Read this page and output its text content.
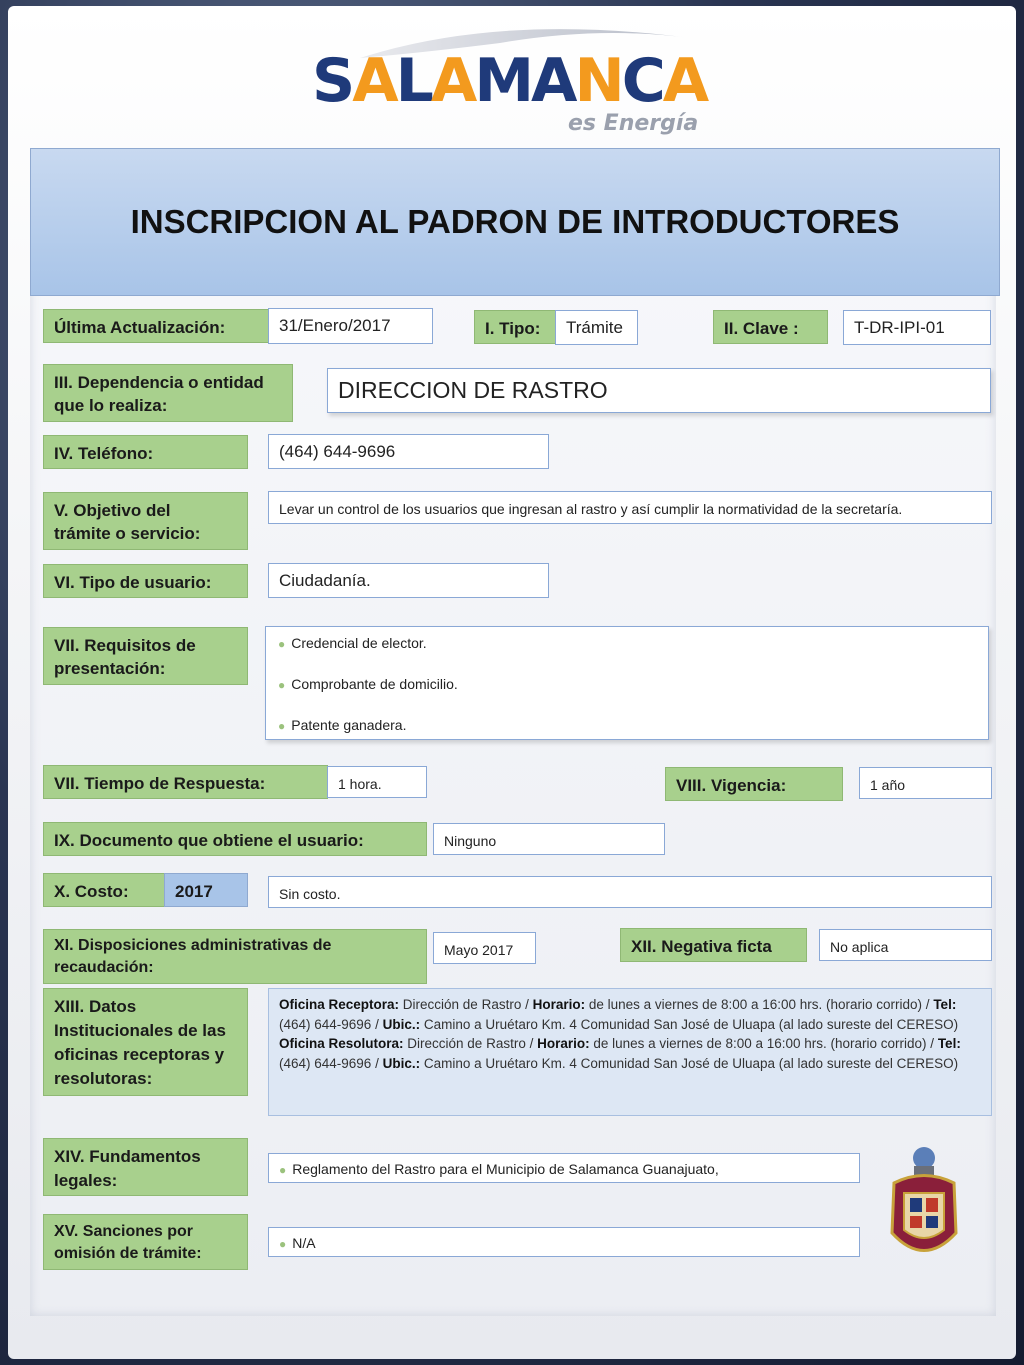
SALAMANCA
es Energía
INSCRIPCION AL PADRON DE INTRODUCTORES
Última Actualización:	31/Enero/2017	I. Tipo:	Trámite	II. Clave :	T-DR-IPI-01
III. Dependencia o entidad
que lo realiza:
DIRECCION DE RASTRO
IV. Teléfono:	(464) 644-9696
V. Objetivo del
trámite o servicio:
Levar un control de los usuarios que ingresan al rastro y así cumplir la normatividad de la secretaría.
VI. Tipo de usuario:	Ciudadanía.
VII. Requisitos de
presentación:
● Credencial de elector.
● Comprobante de domicilio.
● Patente ganadera.
VII. Tiempo de Respuesta:	1 hora.	VIII. Vigencia:	1 año
IX. Documento que obtiene el usuario:	Ninguno
X. Costo:	2017	Sin costo.
XI. Disposiciones administrativas de
recaudación:
Mayo 2017	XII. Negativa ficta	No aplica
XIII. Datos
Institucionales de las
oficinas receptoras y
resolutoras:
Oficina Receptora: Dirección de Rastro / Horario: de lunes a viernes de 8:00 a 16:00 hrs. (horario corrido) / Tel: (464) 644-9696 / Ubic.: Camino a Uruétaro Km. 4 Comunidad San José de Uluapa (al lado sureste del CERESO)
Oficina Resolutora: Dirección de Rastro / Horario: de lunes a viernes de 8:00 a 16:00 hrs. (horario corrido) / Tel: (464) 644-9696 / Ubic.: Camino a Uruétaro Km. 4 Comunidad San José de Uluapa (al lado sureste del CERESO)
XIV. Fundamentos
legales:
● Reglamento del Rastro para el Municipio de Salamanca Guanajuato,
XV. Sanciones por
omisión de trámite:
● N/A
